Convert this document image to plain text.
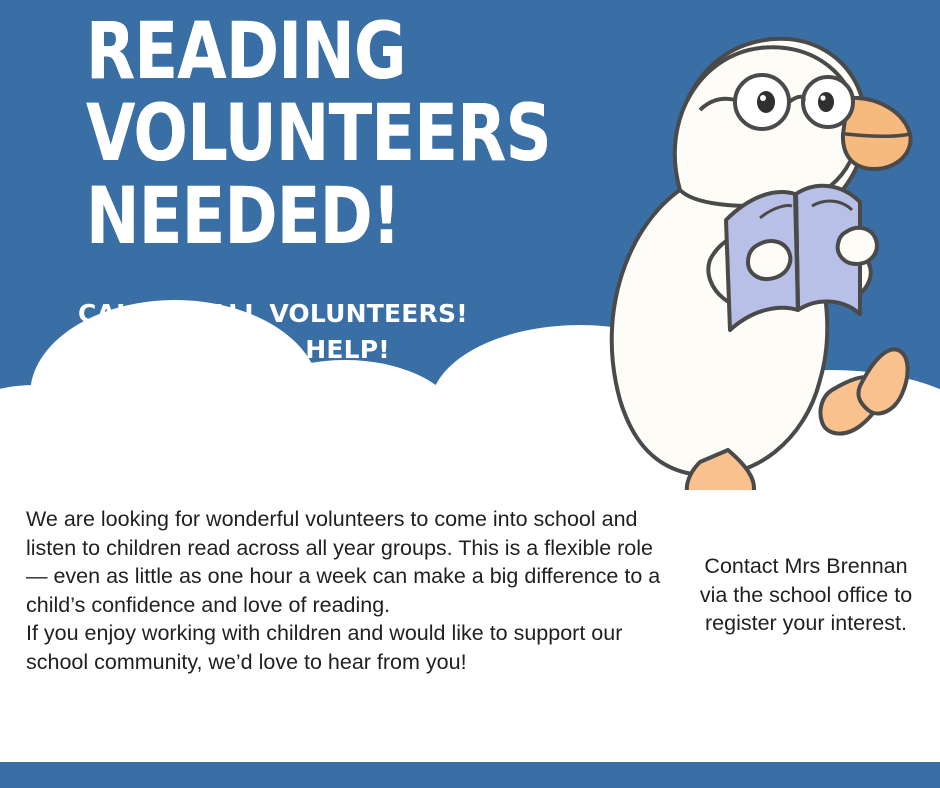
READING
VOLUNTEERS
NEEDED!
CALLING ALL VOLUNTEERS!
WE NEED YOUR HELP!

We are looking for wonderful volunteers to come into school and listen to children read across all year groups. This is a flexible role — even as little as one hour a week can make a big difference to a child’s confidence and love of reading.

If you enjoy working with children and would like to support our school community, we’d love to hear from you!

Contact Mrs Brennan via the school office to register your interest.
